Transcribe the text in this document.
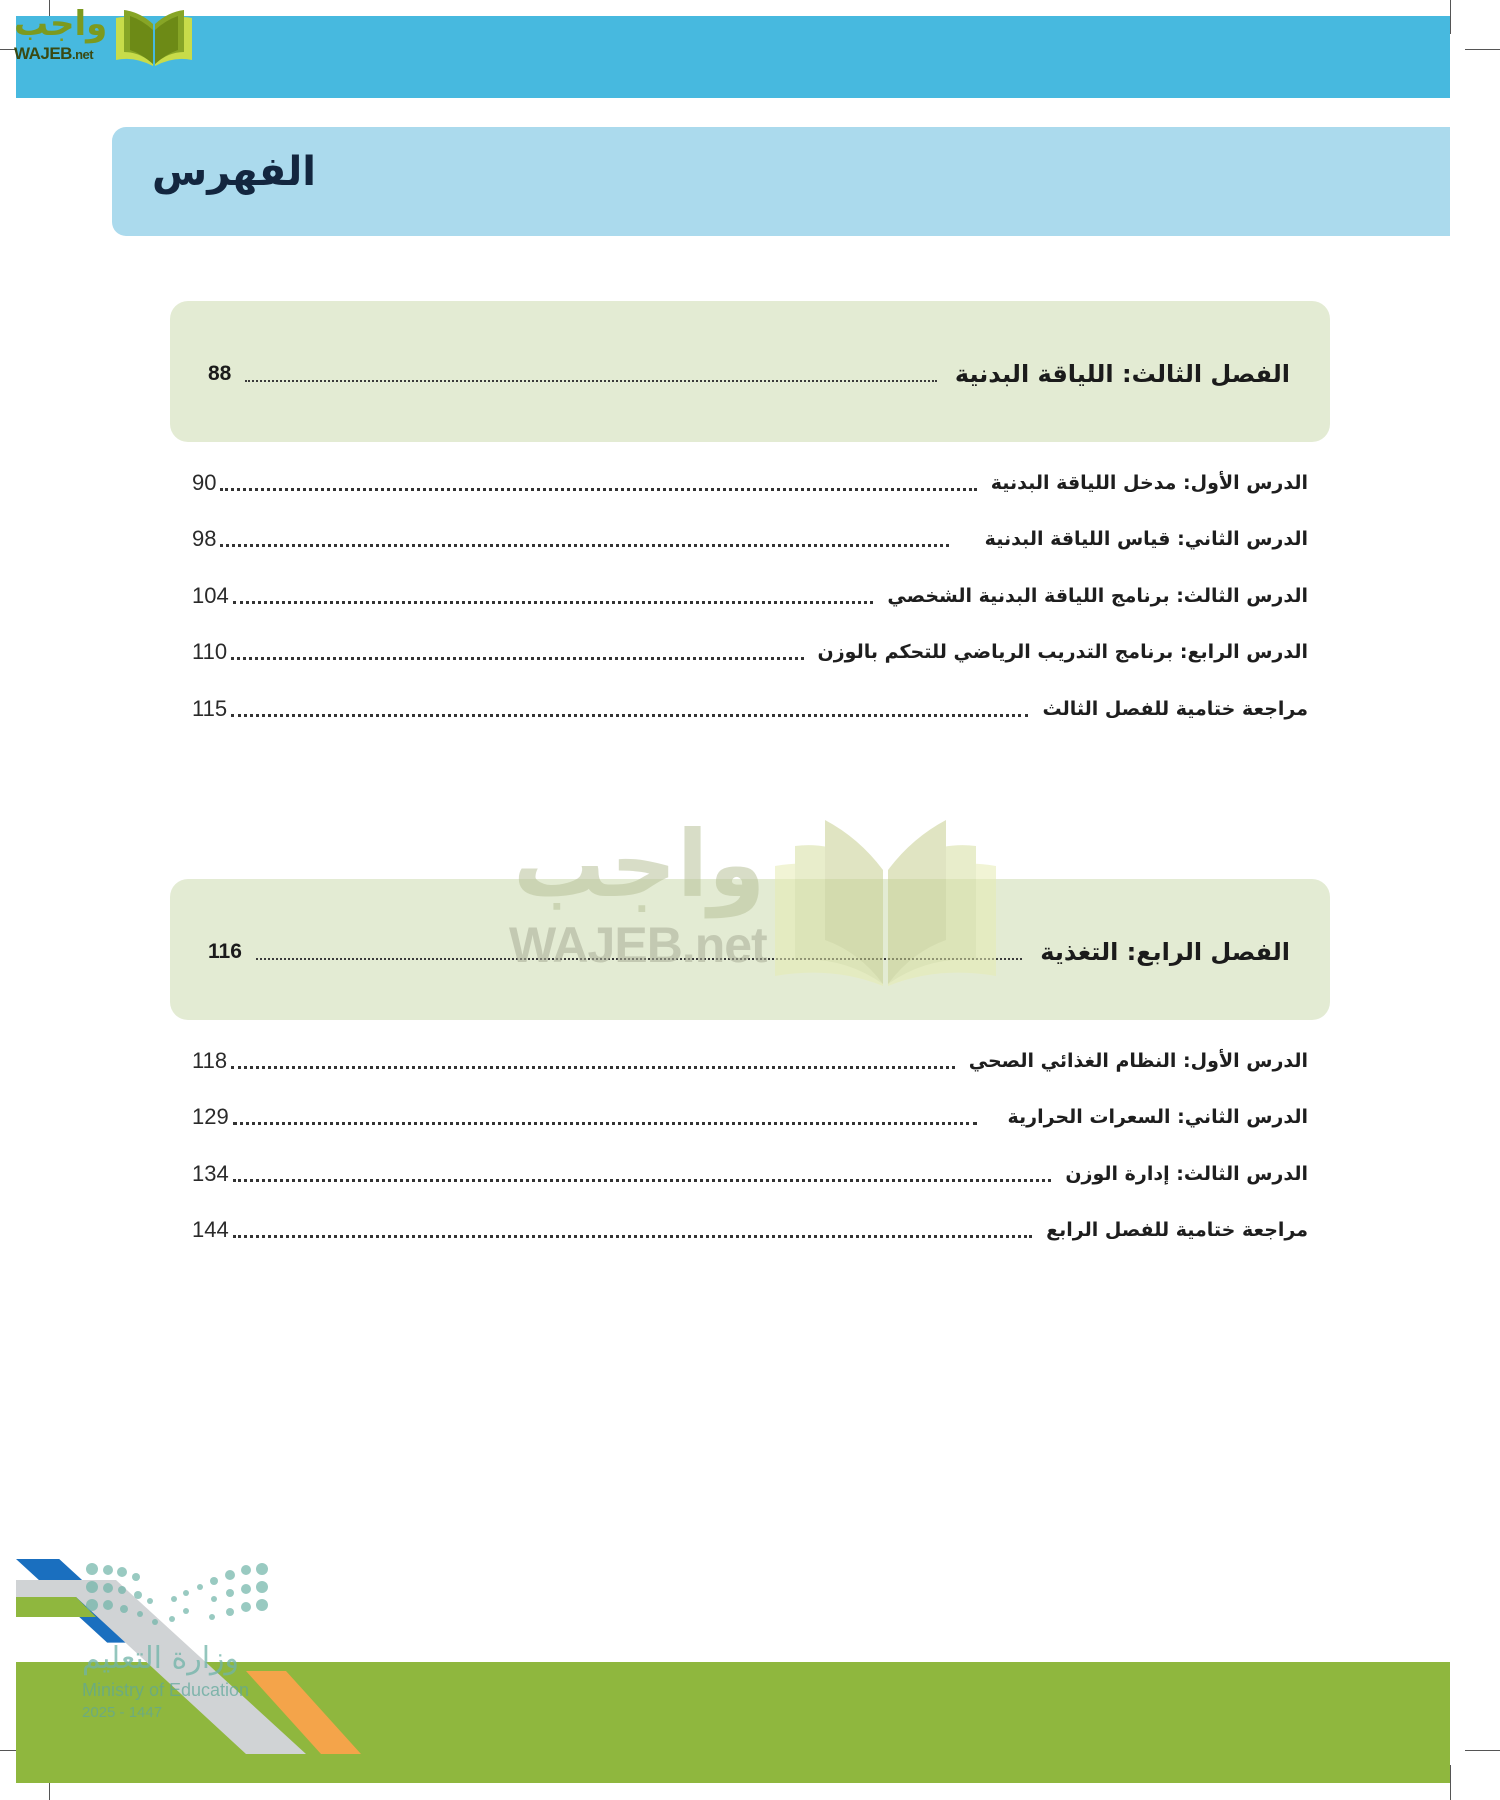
واجب
WAJEB.net
الفهرس
الفصل الثالث: اللياقة البدنية
88
الدرس الأول: مدخل اللياقة البدنية
90
الدرس الثاني: قياس اللياقة البدنية
98
الدرس الثالث: برنامج اللياقة البدنية الشخصي
104
الدرس الرابع: برنامج التدريب الرياضي للتحكم بالوزن
110
مراجعة ختامية للفصل الثالث
115
الفصل الرابع: التغذية
116
الدرس الأول: النظام الغذائي الصحي
118
الدرس الثاني: السعرات الحرارية
129
الدرس الثالث: إدارة الوزن
134
مراجعة ختامية للفصل الرابع
144
واجب
WAJEB.net
وزارة التعليم
Ministry of Education
2025 - 1447
